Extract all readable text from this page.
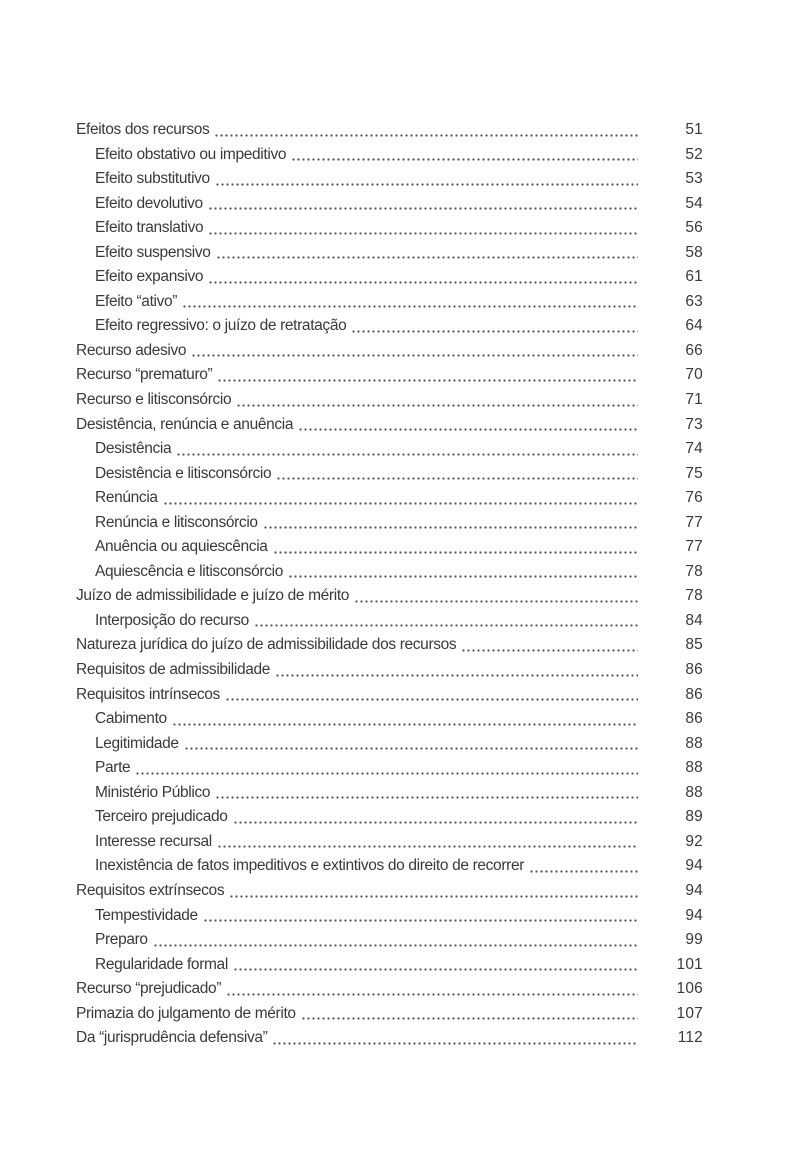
Efeitos dos recursos	51
Efeito obstativo ou impeditivo	52
Efeito substitutivo	53
Efeito devolutivo	54
Efeito translativo	56
Efeito suspensivo	58
Efeito expansivo	61
Efeito “ativo”	63
Efeito regressivo: o juízo de retratação	64
Recurso adesivo	66
Recurso “prematuro”	70
Recurso e litisconsórcio	71
Desistência, renúncia e anuência	73
Desistência	74
Desistência e litisconsórcio	75
Renúncia	76
Renúncia e litisconsórcio	77
Anuência ou aquiescência	77
Aquiescência e litisconsórcio	78
Juízo de admissibilidade e juízo de mérito	78
Interposição do recurso	84
Natureza jurídica do juízo de admissibilidade dos recursos	85
Requisitos de admissibilidade	86
Requisitos intrínsecos	86
Cabimento	86
Legitimidade	88
Parte	88
Ministério Público	88
Terceiro prejudicado	89
Interesse recursal	92
Inexistência de fatos impeditivos e extintivos do direito de recorrer	94
Requisitos extrínsecos	94
Tempestividade	94
Preparo	99
Regularidade formal	101
Recurso “prejudicado”	106
Primazia do julgamento de mérito	107
Da “jurisprudência defensiva”	112
